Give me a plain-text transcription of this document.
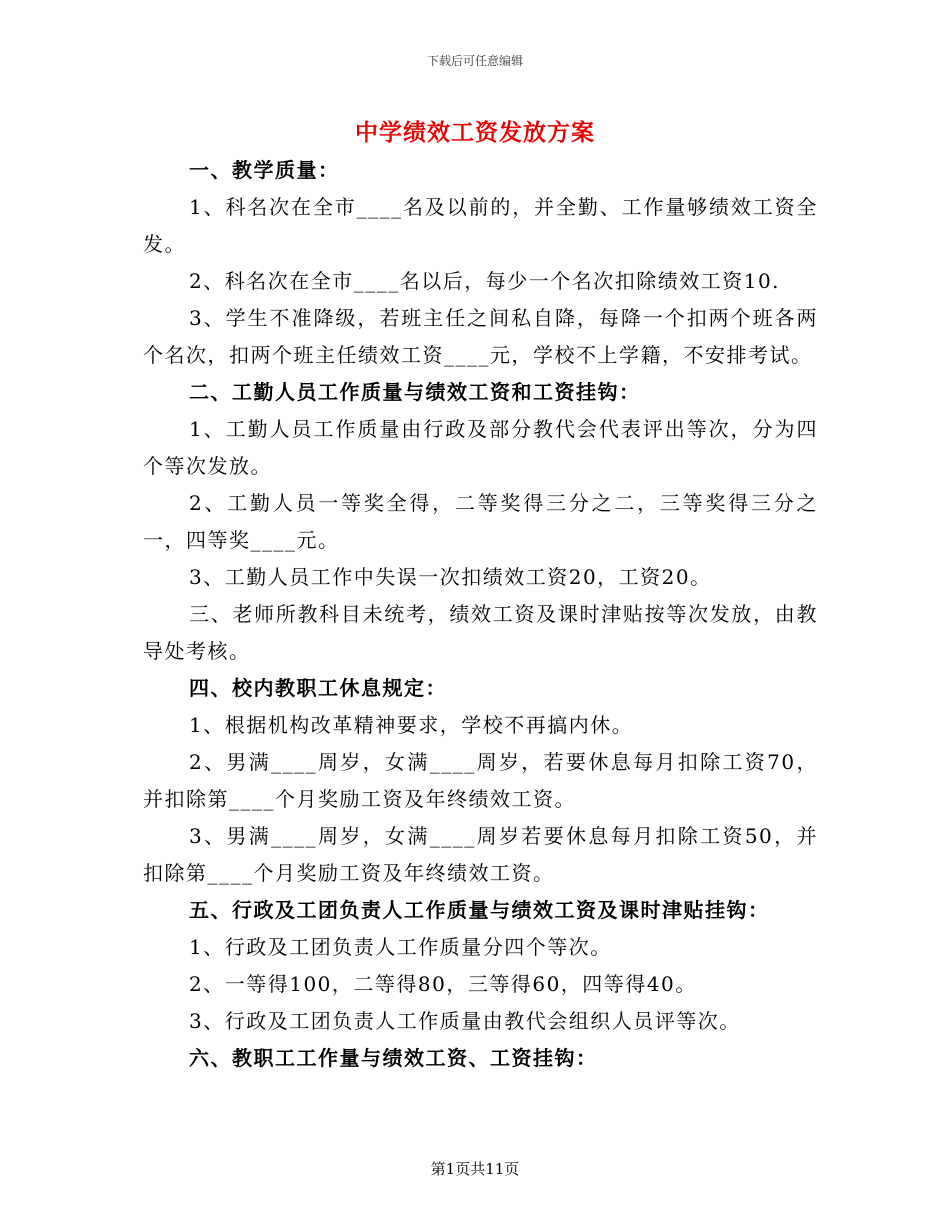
下载后可任意编辑
中学绩效工资发放方案

一、教学质量：

1、科名次在全市____名及以前的，并全勤、工作量够绩效工资全发。

2、科名次在全市____名以后，每少一个名次扣除绩效工资10.

3、学生不准降级，若班主任之间私自降，每降一个扣两个班各两个名次，扣两个班主任绩效工资____元，学校不上学籍，不安排考试。

二、工勤人员工作质量与绩效工资和工资挂钩：

1、工勤人员工作质量由行政及部分教代会代表评出等次，分为四个等次发放。

2、工勤人员一等奖全得，二等奖得三分之二，三等奖得三分之一，四等奖____元。

3、工勤人员工作中失误一次扣绩效工资20，工资20。

三、老师所教科目未统考，绩效工资及课时津贴按等次发放，由教导处考核。

四、校内教职工休息规定：

1、根据机构改革精神要求，学校不再搞内休。

2、男满____周岁，女满____周岁，若要休息每月扣除工资70，并扣除第____个月奖励工资及年终绩效工资。

3、男满____周岁，女满____周岁若要休息每月扣除工资50，并扣除第____个月奖励工资及年终绩效工资。

五、行政及工团负责人工作质量与绩效工资及课时津贴挂钩：

1、行政及工团负责人工作质量分四个等次。

2、一等得100，二等得80，三等得60，四等得40。

3、行政及工团负责人工作质量由教代会组织人员评等次。

六、教职工工作量与绩效工资、工资挂钩：

第1页共11页
